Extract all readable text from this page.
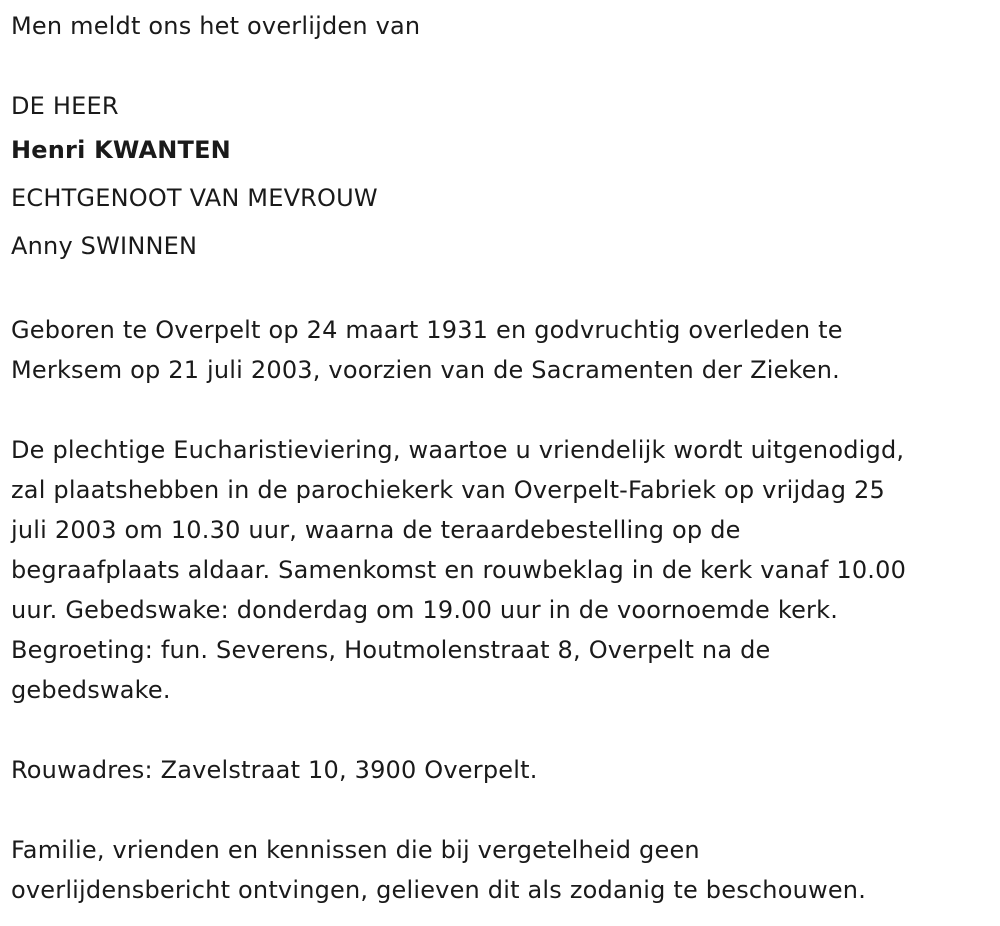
Men meldt ons het overlijden van
DE HEER
Henri KWANTEN
ECHTGENOOT VAN MEVROUW
Anny SWINNEN
Geboren te Overpelt op 24 maart 1931 en godvruchtig overleden te
Merksem op 21 juli 2003, voorzien van de Sacramenten der Zieken.
De plechtige Eucharistieviering, waartoe u vriendelijk wordt uitgenodigd,
zal plaatshebben in de parochiekerk van Overpelt-Fabriek op vrijdag 25
juli 2003 om 10.30 uur, waarna de teraardebestelling op de
begraafplaats aldaar. Samenkomst en rouwbeklag in de kerk vanaf 10.00
uur. Gebedswake: donderdag om 19.00 uur in de voornoemde kerk.
Begroeting: fun. Severens, Houtmolenstraat 8, Overpelt na de
gebedswake.
Rouwadres: Zavelstraat 10, 3900 Overpelt.
Familie, vrienden en kennissen die bij vergetelheid geen
overlijdensbericht ontvingen, gelieven dit als zodanig te beschouwen.
